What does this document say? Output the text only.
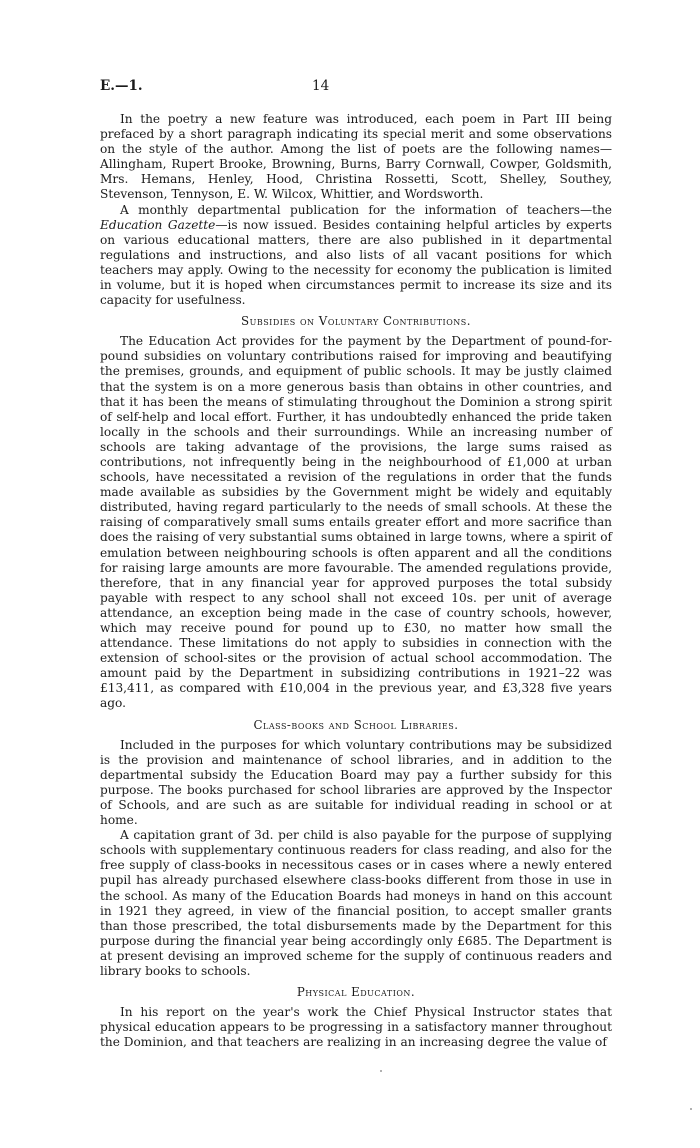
E.—1.	14

In the poetry a new feature was introduced, each poem in Part III being prefaced by a short paragraph indicating its special merit and some observations on the style of the author. Among the list of poets are the following names—Allingham, Rupert Brooke, Browning, Burns, Barry Cornwall, Cowper, Goldsmith, Mrs. Hemans, Henley, Hood, Christina Rossetti, Scott, Shelley, Southey, Stevenson, Tennyson, E. W. Wilcox, Whittier, and Wordsworth.

A monthly departmental publication for the information of teachers—the Education Gazette—is now issued. Besides containing helpful articles by experts on various educational matters, there are also published in it departmental regulations and instructions, and also lists of all vacant positions for which teachers may apply. Owing to the necessity for economy the publication is limited in volume, but it is hoped when circumstances permit to increase its size and its capacity for usefulness.

Subsidies on Voluntary Contributions.

The Education Act provides for the payment by the Department of pound-for-pound subsidies on voluntary contributions raised for improving and beautifying the premises, grounds, and equipment of public schools. It may be justly claimed that the system is on a more generous basis than obtains in other countries, and that it has been the means of stimulating throughout the Dominion a strong spirit of self-help and local effort. Further, it has undoubtedly enhanced the pride taken locally in the schools and their surroundings. While an increasing number of schools are taking advantage of the provisions, the large sums raised as contributions, not infrequently being in the neighbourhood of £1,000 at urban schools, have necessitated a revision of the regulations in order that the funds made available as subsidies by the Government might be widely and equitably distributed, having regard particularly to the needs of small schools. At these the raising of comparatively small sums entails greater effort and more sacrifice than does the raising of very substantial sums obtained in large towns, where a spirit of emulation between neighbouring schools is often apparent and all the conditions for raising large amounts are more favourable. The amended regulations provide, therefore, that in any financial year for approved purposes the total subsidy payable with respect to any school shall not exceed 10s. per unit of average attendance, an exception being made in the case of country schools, however, which may receive pound for pound up to £30, no matter how small the attendance. These limitations do not apply to subsidies in connection with the extension of school-sites or the provision of actual school accommodation. The amount paid by the Department in subsidizing contributions in 1921–22 was £13,411, as compared with £10,004 in the previous year, and £3,328 five years ago.

Class-books and School Libraries.

Included in the purposes for which voluntary contributions may be subsidized is the provision and maintenance of school libraries, and in addition to the departmental subsidy the Education Board may pay a further subsidy for this purpose. The books purchased for school libraries are approved by the Inspector of Schools, and are such as are suitable for individual reading in school or at home.

A capitation grant of 3d. per child is also payable for the purpose of supplying schools with supplementary continuous readers for class reading, and also for the free supply of class-books in necessitous cases or in cases where a newly entered pupil has already purchased elsewhere class-books different from those in use in the school. As many of the Education Boards had moneys in hand on this account in 1921 they agreed, in view of the financial position, to accept smaller grants than those prescribed, the total disbursements made by the Department for this purpose during the financial year being accordingly only £685. The Department is at present devising an improved scheme for the supply of continuous readers and library books to schools.

Physical Education.

In his report on the year's work the Chief Physical Instructor states that physical education appears to be progressing in a satisfactory manner throughout the Dominion, and that teachers are realizing in an increasing degree the value of
